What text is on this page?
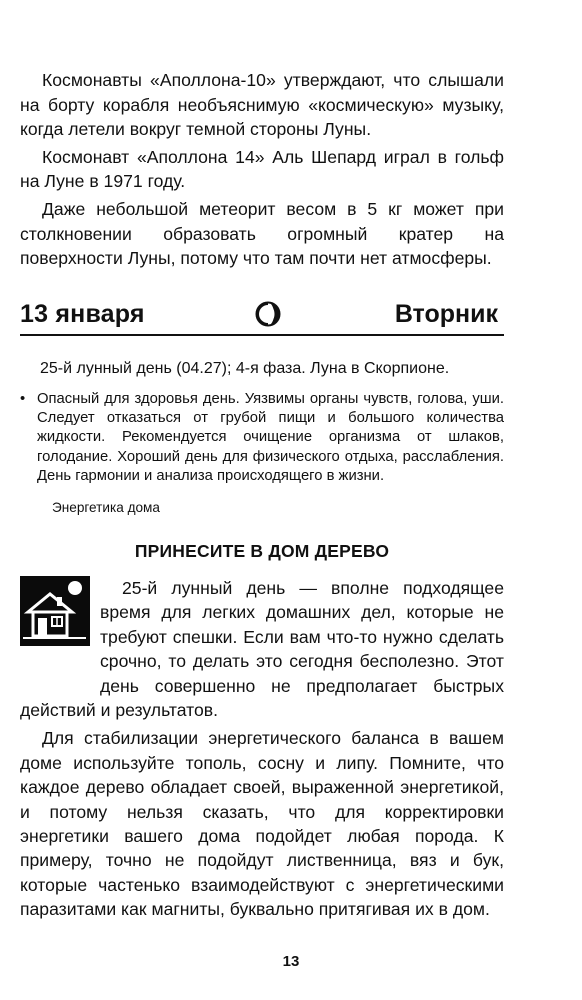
Космонавты «Аполлона-10» утверждают, что слышали на борту корабля необъяснимую «космическую» музыку, когда летели вокруг темной стороны Луны.

Космонавт «Аполлона 14» Аль Шепард играл в гольф на Луне в 1971 году.

Даже небольшой метеорит весом в 5 кг может при столкновении образовать огромный кратер на поверхности Луны, потому что там почти нет атмосферы.

13 января	Вторник
25-й лунный день (04.27); 4-я фаза. Луна в Скорпионе.
• Опасный для здоровья день. Уязвимы органы чувств, голова, уши. Следует отказаться от грубой пищи и большого количества жидкости. Рекомендуется очищение организма от шлаков, голодание. Хороший день для физического отдыха, расслабления. День гармонии и анализа происходящего в жизни.
Энергетика дома
ПРИНЕСИТЕ В ДОМ ДЕРЕВО

25-й лунный день — вполне подходящее время для легких домашних дел, которые не требуют спешки. Если вам что-то нужно сделать срочно, то делать это сегодня бесполезно. Этот день совершенно не предполагает быстрых действий и результатов.

Для стабилизации энергетического баланса в вашем доме используйте тополь, сосну и липу. Помните, что каждое дерево обладает своей, выраженной энергетикой, и потому нельзя сказать, что для корректировки энергетики вашего дома подойдет любая порода. К примеру, точно не подойдут лиственница, вяз и бук, которые частенько взаимодействуют с энергетическими паразитами как магниты, буквально притягивая их в дом.

13
